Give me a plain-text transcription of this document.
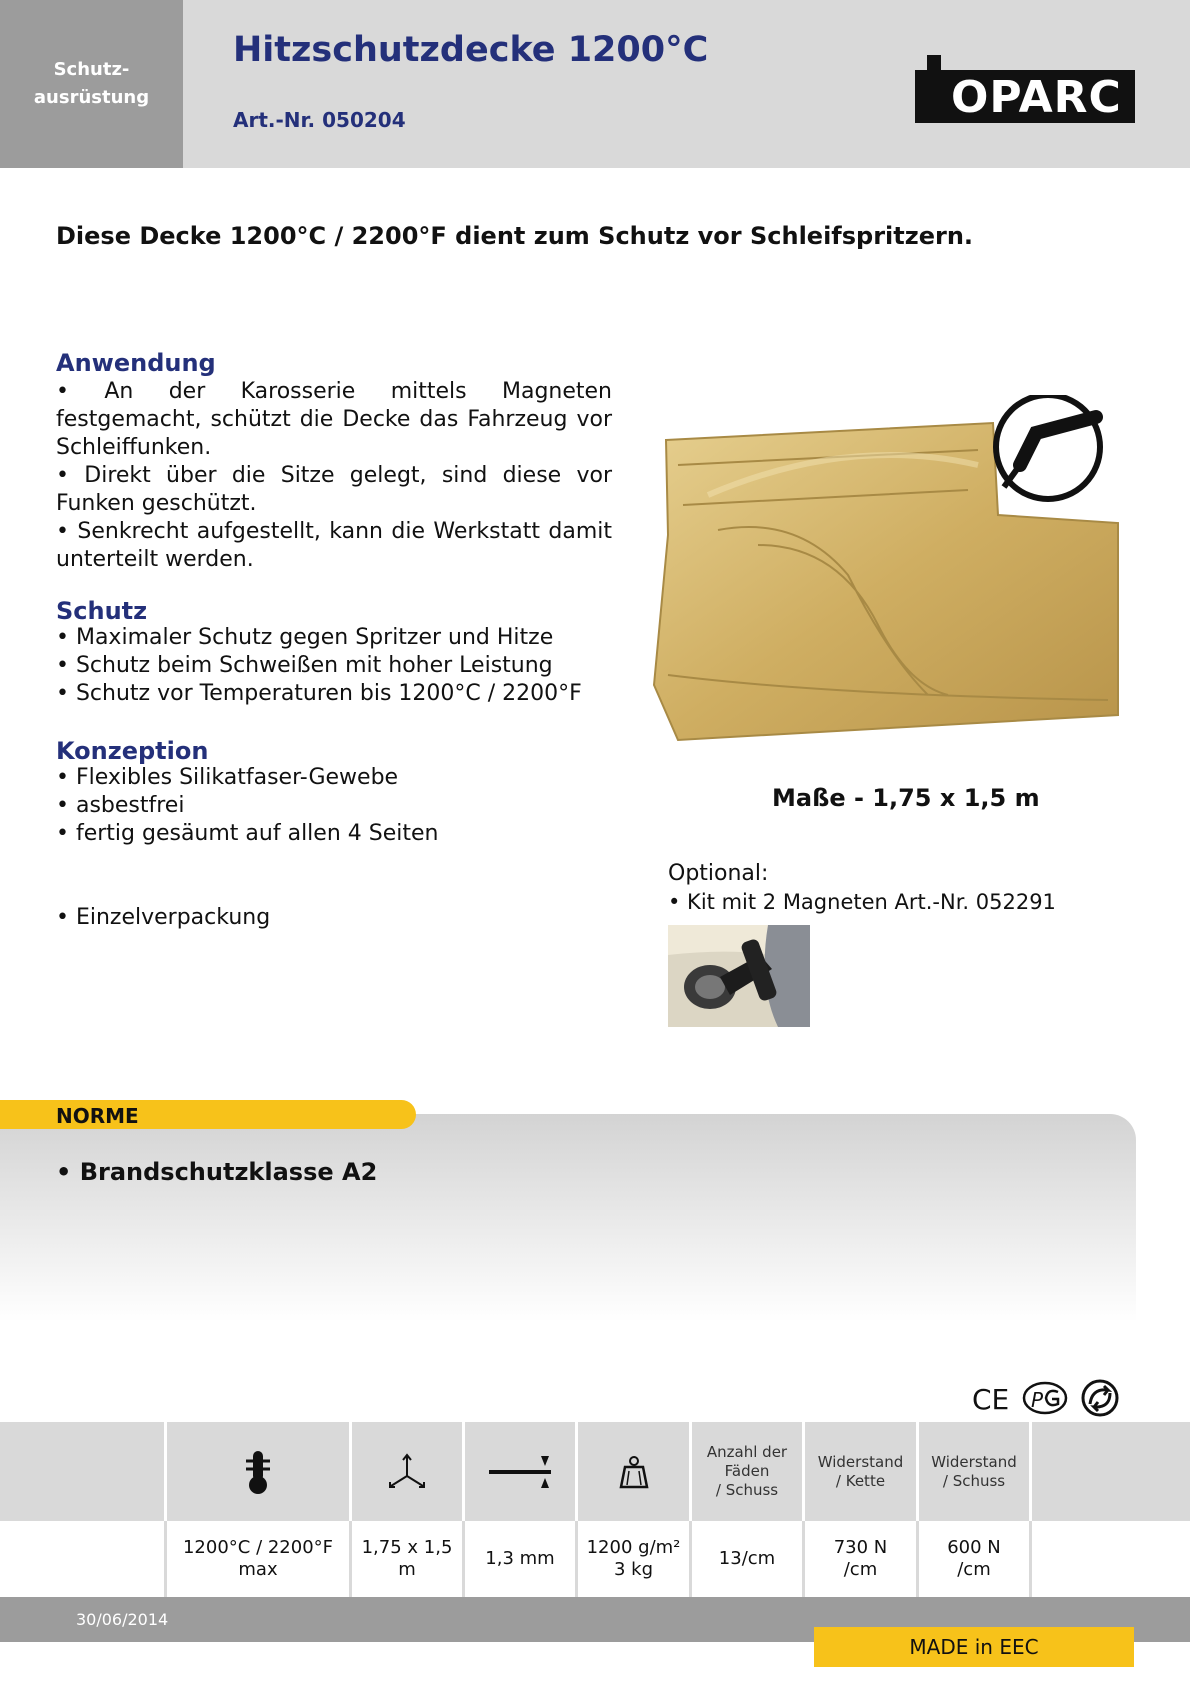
Schutz-
ausrüstung
Hitzschutzdecke 1200°C
Art.-Nr. 050204	OPARC
Diese Decke 1200°C / 2200°F dient zum Schutz vor Schleifspritzern.
Anwendung
• An der Karosserie mittels Magneten festgemacht, schützt die Decke das Fahrzeug vor Schleiffunken.
• Direkt über die Sitze gelegt, sind diese vor Funken geschützt.
• Senkrecht aufgestellt, kann die Werkstatt damit unterteilt werden.
Schutz
• Maximaler Schutz gegen Spritzer und Hitze
• Schutz beim Schweißen mit hoher Leistung
• Schutz vor Temperaturen bis 1200°C / 2200°F
Konzeption
• Flexibles Silikatfaser-Gewebe
• asbestfrei
• fertig gesäumt auf allen 4 Seiten
• Einzelverpackung
Maße - 1,75 x 1,5 m
Optional:
• Kit mit 2 Magneten Art.-Nr. 052291
NORME
• Brandschutzklasse A2
CE P
Anzahl der
Fäden
/ Schuss
Widerstand
/ Kette
Widerstand
/ Schuss
1200°C / 2200°F
max
1,75 x 1,5 m
1,3 mm
1200 g/m²
3 kg
13/cm
730 N
/cm
600 N
/cm
30/06/2014
MADE in EEC
